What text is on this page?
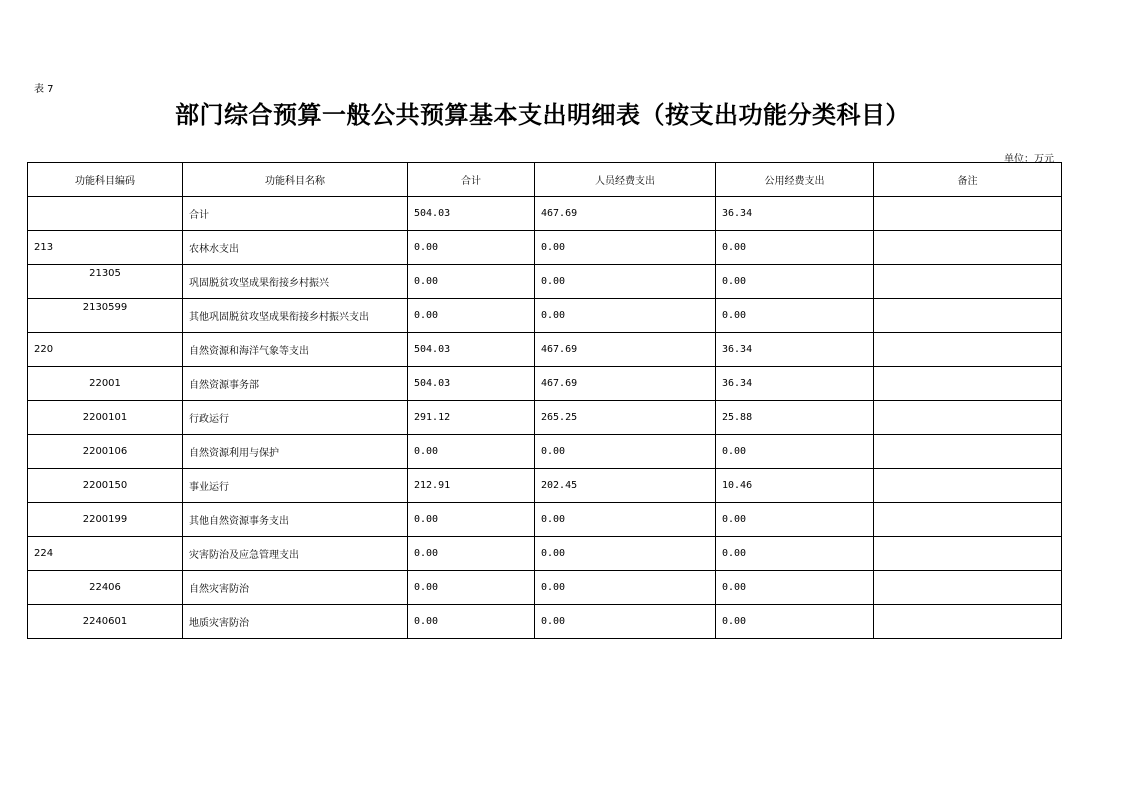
表 7
部门综合预算一般公共预算基本支出明细表（按支出功能分类科目）
单位：万元
功能科目编码	功能科目名称	合计	人员经费支出	公用经费支出	备注
	合计	504.03	467.69	36.34	
213	农林水支出	0.00	0.00	0.00	
21305	巩固脱贫攻坚成果衔接乡村振兴	0.00	0.00	0.00	
2130599	其他巩固脱贫攻坚成果衔接乡村振兴支出	0.00	0.00	0.00	
220	自然资源和海洋气象等支出	504.03	467.69	36.34	
22001	自然资源事务部	504.03	467.69	36.34	
2200101	行政运行	291.12	265.25	25.88	
2200106	自然资源利用与保护	0.00	0.00	0.00	
2200150	事业运行	212.91	202.45	10.46	
2200199	其他自然资源事务支出	0.00	0.00	0.00	
224	灾害防治及应急管理支出	0.00	0.00	0.00	
22406	自然灾害防治	0.00	0.00	0.00	
2240601	地质灾害防治	0.00	0.00	0.00	
